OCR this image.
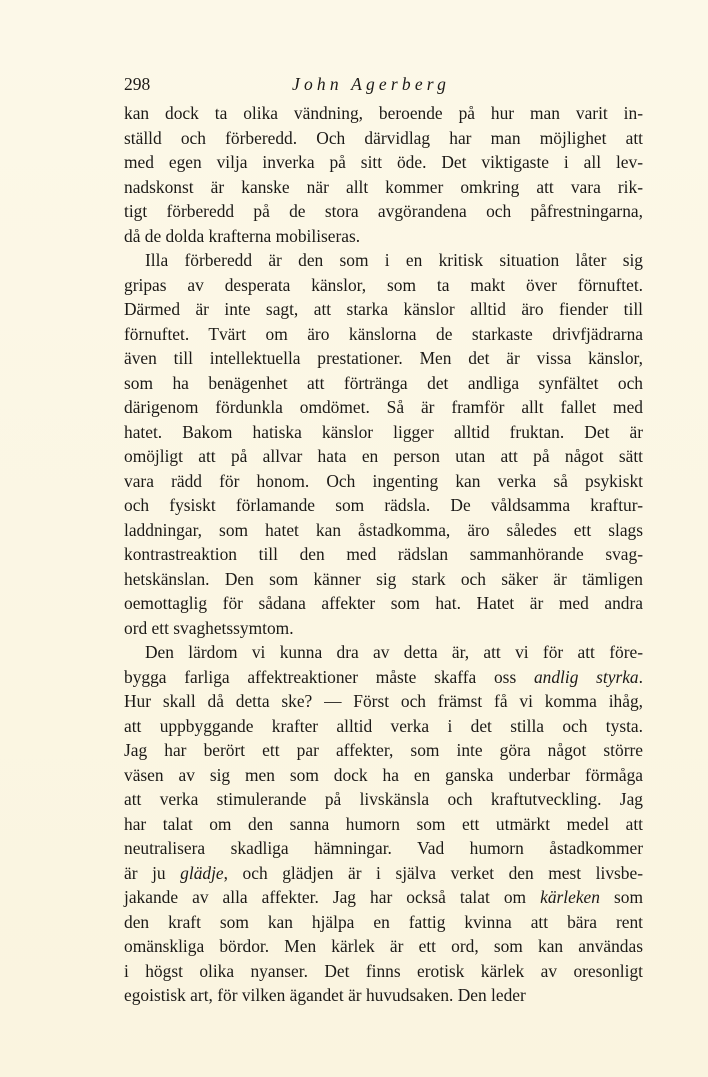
298	John Agerberg
kan dock ta olika vändning, beroende på hur man varit in-
ställd och förberedd. Och därvidlag har man möjlighet att
med egen vilja inverka på sitt öde. Det viktigaste i all lev-
nadskonst är kanske när allt kommer omkring att vara rik-
tigt förberedd på de stora avgörandena och påfrestningarna,
då de dolda krafterna mobiliseras.
Illa förberedd är den som i en kritisk situation låter sig
gripas av desperata känslor, som ta makt över förnuftet.
Därmed är inte sagt, att starka känslor alltid äro fiender till
förnuftet. Tvärt om äro känslorna de starkaste drivfjädrarna
även till intellektuella prestationer. Men det är vissa känslor,
som ha benägenhet att förtränga det andliga synfältet och
därigenom fördunkla omdömet. Så är framför allt fallet med
hatet. Bakom hatiska känslor ligger alltid fruktan. Det är
omöjligt att på allvar hata en person utan att på något sätt
vara rädd för honom. Och ingenting kan verka så psykiskt
och fysiskt förlamande som rädsla. De våldsamma kraftur-
laddningar, som hatet kan åstadkomma, äro således ett slags
kontrastreaktion till den med rädslan sammanhörande svag-
hetskänslan. Den som känner sig stark och säker är tämligen
oemottaglig för sådana affekter som hat. Hatet är med andra
ord ett svaghetssymtom.
Den lärdom vi kunna dra av detta är, att vi för att före-
bygga farliga affektreaktioner måste skaffa oss andlig styrka.
Hur skall då detta ske? — Först och främst få vi komma ihåg,
att uppbyggande krafter alltid verka i det stilla och tysta.
Jag har berört ett par affekter, som inte göra något större
väsen av sig men som dock ha en ganska underbar förmåga
att verka stimulerande på livskänsla och kraftutveckling. Jag
har talat om den sanna humorn som ett utmärkt medel att
neutralisera skadliga hämningar. Vad humorn åstadkommer
är ju glädje, och glädjen är i själva verket den mest livsbe-
jakande av alla affekter. Jag har också talat om kärleken som
den kraft som kan hjälpa en fattig kvinna att bära rent
omänskliga bördor. Men kärlek är ett ord, som kan användas
i högst olika nyanser. Det finns erotisk kärlek av oresonligt
egoistisk art, för vilken ägandet är huvudsaken. Den leder
